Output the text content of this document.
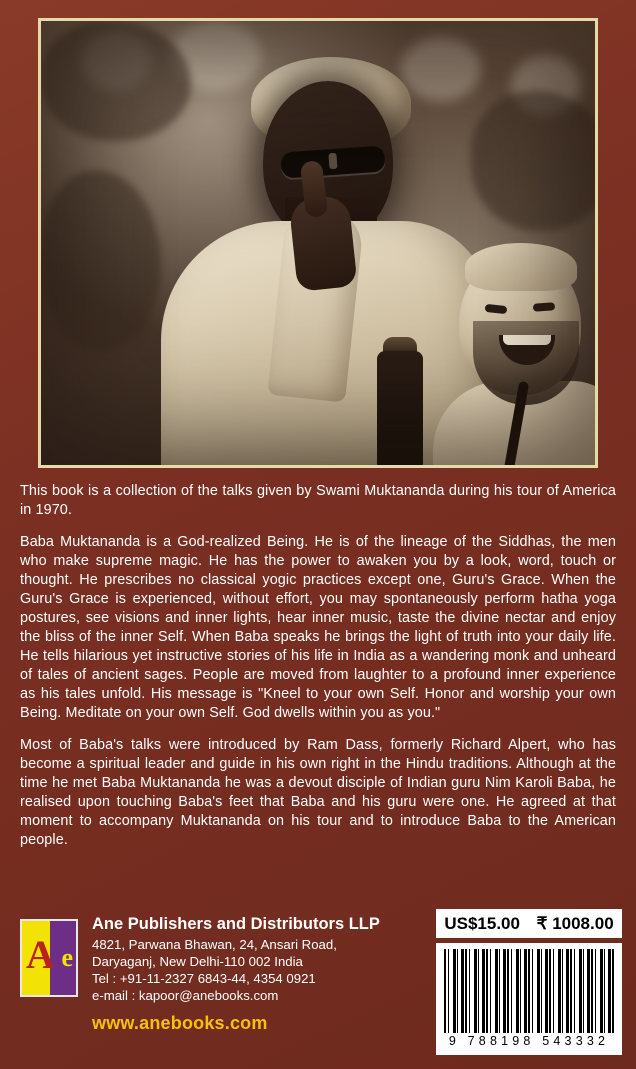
This book is a collection of the talks given by Swami Muktananda during his tour of America in 1970.

Baba Muktananda is a God-realized Being. He is of the lineage of the Siddhas, the men who make supreme magic. He has the power to awaken you by a look, word, touch or thought. He prescribes no classical yogic practices except one, Guru's Grace. When the Guru's Grace is experienced, without effort, you may spontaneously perform hatha yoga postures, see visions and inner lights, hear inner music, taste the divine nectar and enjoy the bliss of the inner Self. When Baba speaks he brings the light of truth into your daily life. He tells hilarious yet instructive stories of his life in India as a wandering monk and unheard of tales of ancient sages. People are moved from laughter to a profound inner experience as his tales unfold. His message is "Kneel to your own Self. Honor and worship your own Being. Meditate on your own Self. God dwells within you as you."

Most of Baba's talks were introduced by Ram Dass, formerly Richard Alpert, who has become a spiritual leader and guide in his own right in the Hindu traditions. Although at the time he met Baba Muktananda he was a devout disciple of Indian guru Nim Karoli Baba, he realised upon touching Baba's feet that Baba and his guru were one. He agreed at that moment to accompany Muktananda on his tour and to introduce Baba to the American people.

A e
Ane Publishers and Distributors LLP
4821, Parwana Bhawan, 24, Ansari Road,
Daryaganj, New Delhi-110 002 India
Tel : +91-11-2327 6843-44, 4354 0921
e-mail : kapoor@anebooks.com
www.anebooks.com
US$15.00 ₹ 1008.00
9 788198 543332
